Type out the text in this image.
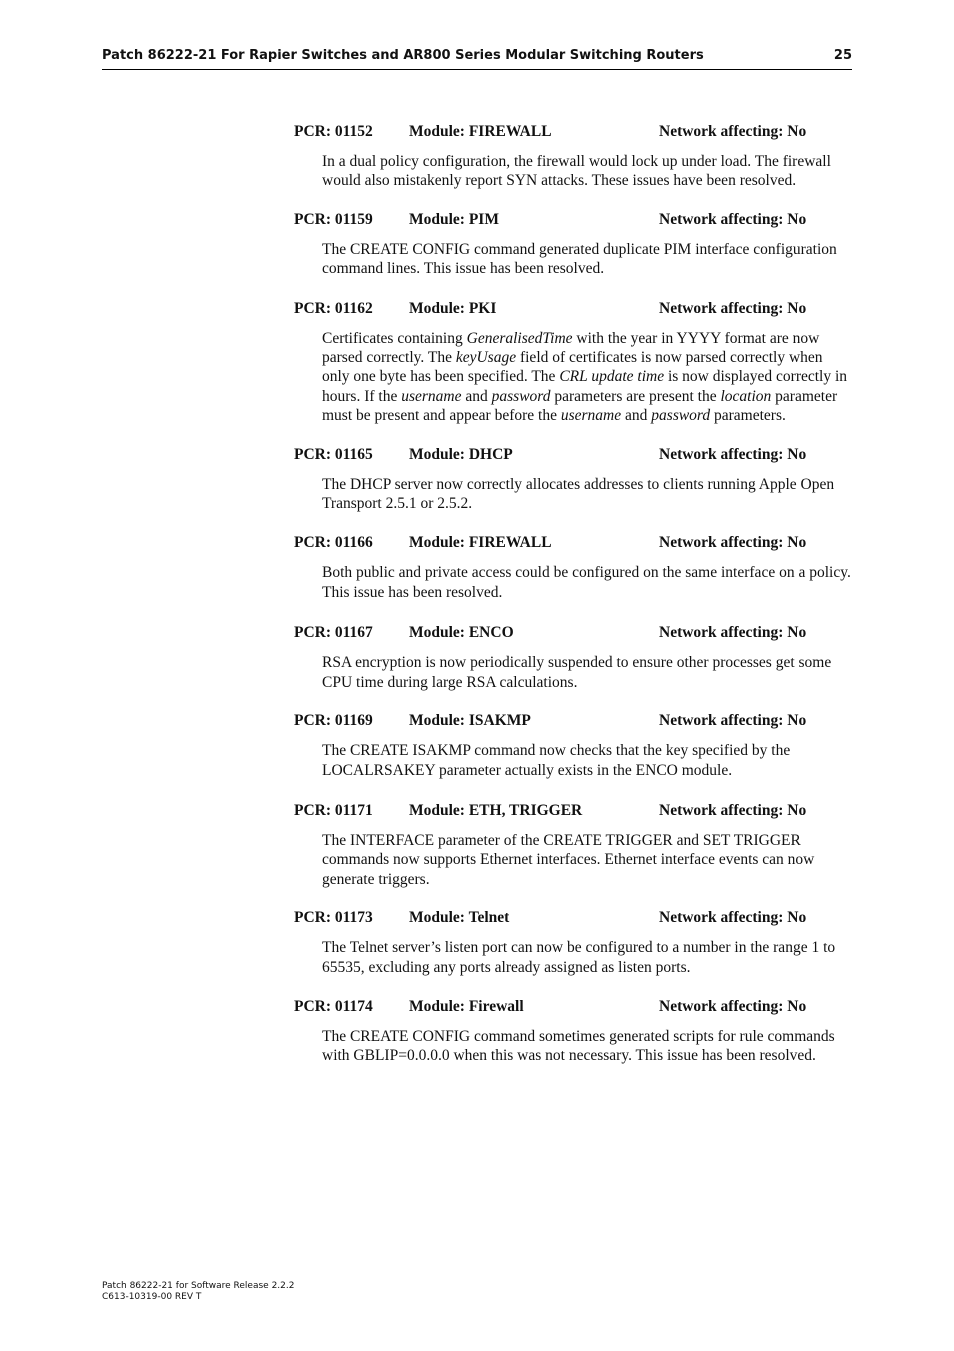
Patch 86222-21 For Rapier Switches and AR800 Series Modular Switching Routers	25
PCR: 01152 Module: FIREWALL	Network affecting: No
In a dual policy configuration, the firewall would lock up under load. The firewall would also mistakenly report SYN attacks. These issues have been resolved.
PCR: 01159 Module: PIM	Network affecting: No
The CREATE CONFIG command generated duplicate PIM interface configuration command lines. This issue has been resolved.
PCR: 01162 Module: PKI	Network affecting: No
Certificates containing GeneralisedTime with the year in YYYY format are now parsed correctly. The keyUsage field of certificates is now parsed correctly when only one byte has been specified. The CRL update time is now displayed correctly in hours. If the username and password parameters are present the location parameter must be present and appear before the username and password parameters.
PCR: 01165 Module: DHCP	Network affecting: No
The DHCP server now correctly allocates addresses to clients running Apple Open Transport 2.5.1 or 2.5.2.
PCR: 01166 Module: FIREWALL	Network affecting: No
Both public and private access could be configured on the same interface on a policy. This issue has been resolved.
PCR: 01167 Module: ENCO	Network affecting: No
RSA encryption is now periodically suspended to ensure other processes get some CPU time during large RSA calculations.
PCR: 01169 Module: ISAKMP	Network affecting: No
The CREATE ISAKMP command now checks that the key specified by the LOCALRSAKEY parameter actually exists in the ENCO module.
PCR: 01171 Module: ETH, TRIGGER	Network affecting: No
The INTERFACE parameter of the CREATE TRIGGER and SET TRIGGER commands now supports Ethernet interfaces. Ethernet interface events can now generate triggers.
PCR: 01173 Module: Telnet	Network affecting: No
The Telnet server’s listen port can now be configured to a number in the range 1 to 65535, excluding any ports already assigned as listen ports.
PCR: 01174 Module: Firewall	Network affecting: No
The CREATE CONFIG command sometimes generated scripts for rule commands with GBLIP=0.0.0.0 when this was not necessary. This issue has been resolved.
Patch 86222-21 for Software Release 2.2.2
C613-10319-00 REV T
